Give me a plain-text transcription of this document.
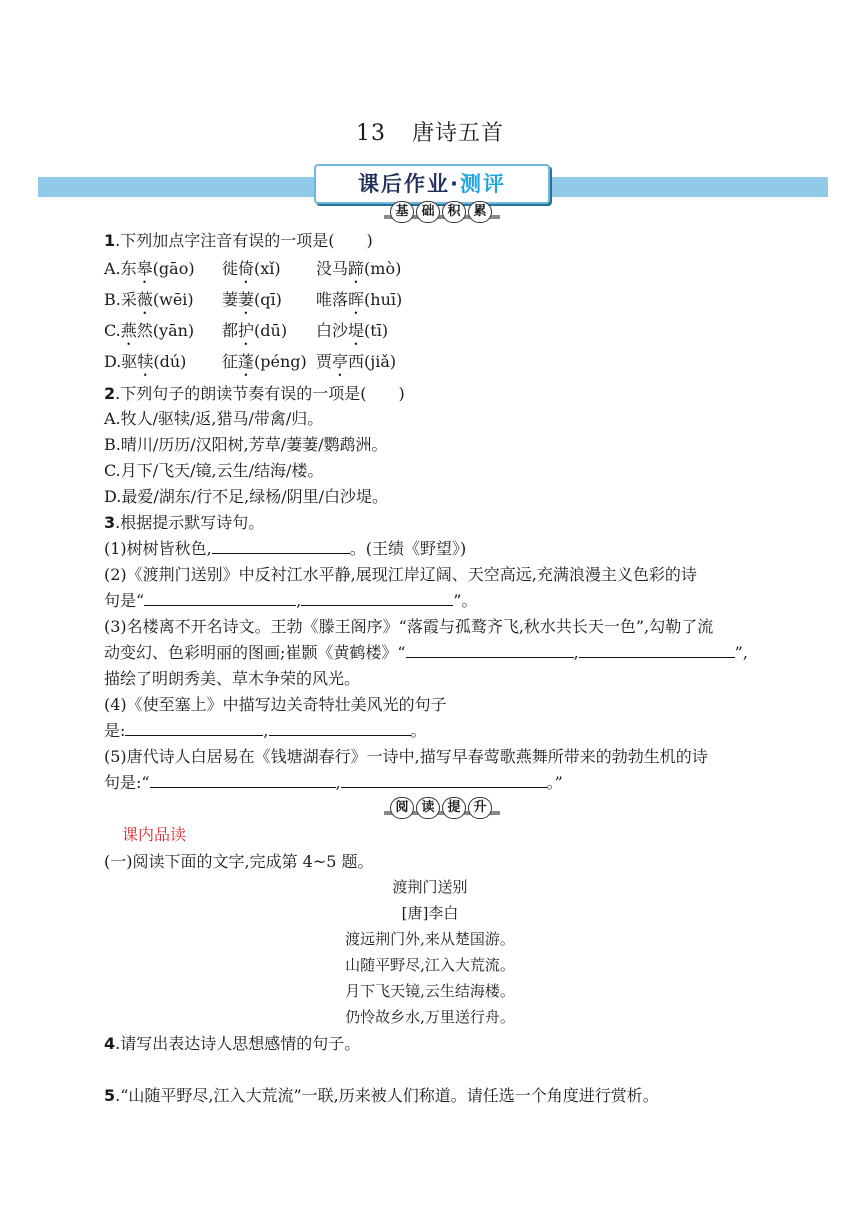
13 唐诗五首
课后作业·测评
基 础 积 累
1.下列加点字注音有误的一项是(　　)
A.东皋(gāo) 徙倚(xǐ) 没马蹄(mò)
B.采薇(wēi) 萋萋(qī) 唯落晖(huī)
C.燕然(yān) 都护(dū) 白沙堤(tī)
D.驱犊(dú) 征蓬(péng) 贾亭西(jiǎ)
2.下列句子的朗读节奏有误的一项是(　　)
A.牧人/驱犊/返,猎马/带禽/归。
B.晴川/历历/汉阳树,芳草/萋萋/鹦鹉洲。
C.月下/飞天/镜,云生/结海/楼。
D.最爱/湖东/行不足,绿杨/阴里/白沙堤。
3.根据提示默写诗句。
(1)树树皆秋色,	。(王绩《野望》)
(2)《渡荆门送别》中反衬江水平静,展现江岸辽阔、天空高远,充满浪漫主义色彩的诗
句是“	,	”。
(3)名楼离不开名诗文。王勃《滕王阁序》“落霞与孤鹜齐飞,秋水共长天一色”,勾勒了流
动变幻、色彩明丽的图画;崔颢《黄鹤楼》“	,	”,
描绘了明朗秀美、草木争荣的风光。
(4)《使至塞上》中描写边关奇特壮美风光的句子
是:	,	。
(5)唐代诗人白居易在《钱塘湖春行》一诗中,描写早春莺歌燕舞所带来的勃勃生机的诗
句是:“	,	。”
阅 读 提 升
课内品读
(一)阅读下面的文字,完成第 4~5 题。
渡荆门送别
[唐]李白
渡远荆门外,来从楚国游。
山随平野尽,江入大荒流。
月下飞天镜,云生结海楼。
仍怜故乡水,万里送行舟。
4.请写出表达诗人思想感情的句子。
5.“山随平野尽,江入大荒流”一联,历来被人们称道。请任选一个角度进行赏析。
